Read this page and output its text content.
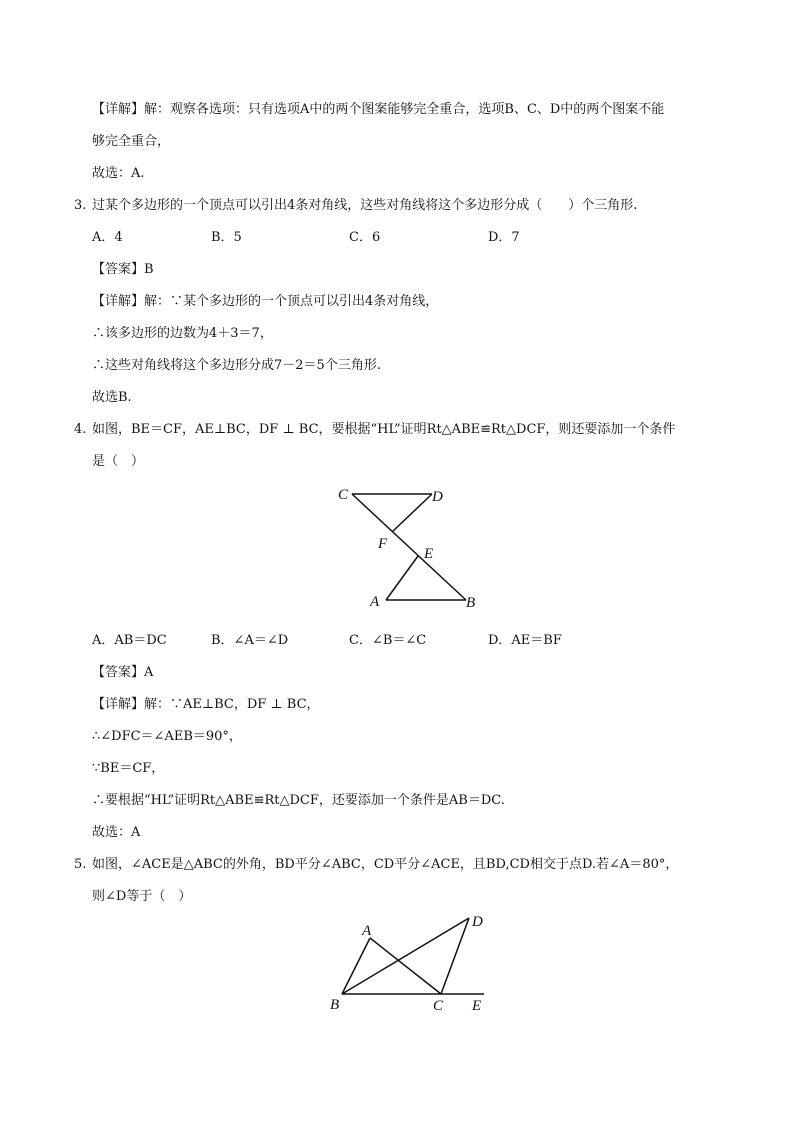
【详解】解：观察各选项：只有选项A中的两个图案能够完全重合，选项B、C、D中的两个图案不能
够完全重合，
故选：A.
3. 过某个多边形的一个顶点可以引出4条对角线，这些对角线将这个多边形分成（　　）个三角形.
A．4	B．5	C．6	D．7
【答案】B
【详解】解：∵某个多边形的一个顶点可以引出4条对角线，
∴该多边形的边数为4＋3＝7，
∴这些对角线将这个多边形分成7－2＝5个三角形.
故选B.
4. 如图，BE＝CF，AE⊥BC，DF ⊥ BC，要根据“HL”证明Rt△ABE≌Rt△DCF，则还要添加一个条件
是（　）
C	D
F
E
A	B
A．AB＝DC	B．∠A＝∠D	C．∠B＝∠C	D．AE＝BF
【答案】A
【详解】解：∵AE⊥BC，DF ⊥ BC，
∴∠DFC＝∠AEB＝90°，
∵BE＝CF，
∴要根据“HL”证明Rt△ABE≌Rt△DCF，还要添加一个条件是AB＝DC.
故选：A
5. 如图，∠ACE是△ABC的外角，BD平分∠ABC，CD平分∠ACE，且BD,CD相交于点D.若∠A＝80°，
则∠D等于（　）
A
D
B	C E
